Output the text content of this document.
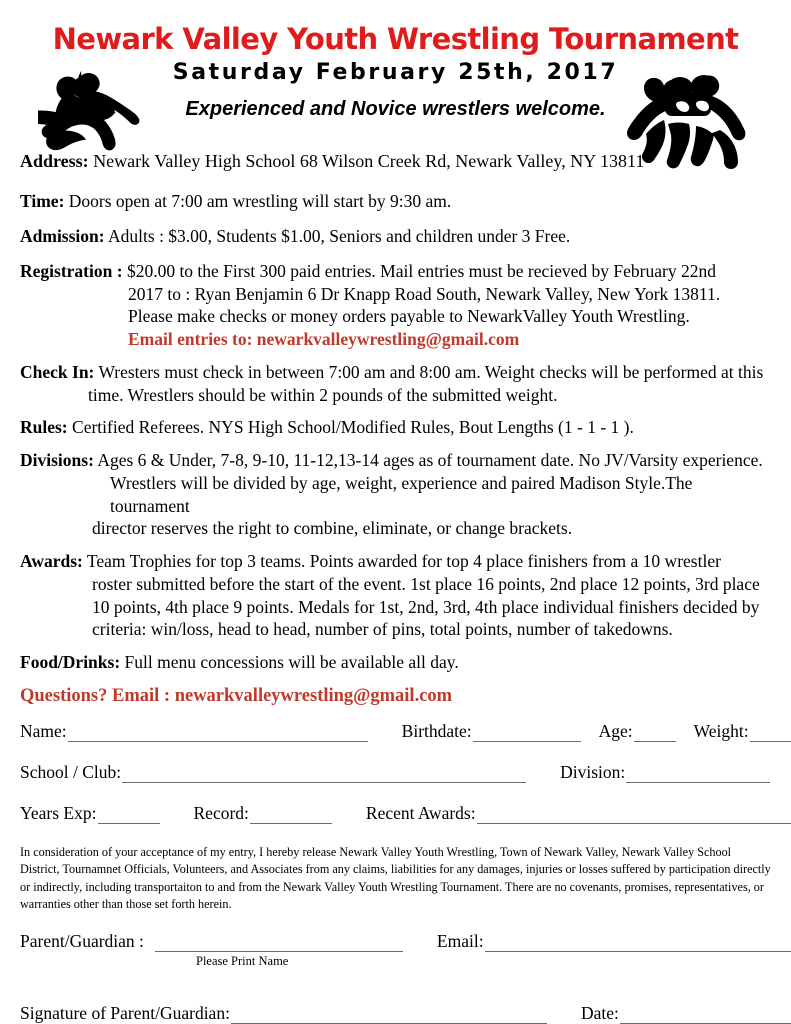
Newark Valley Youth Wrestling Tournament
Saturday February 25th, 2017
Experienced and Novice wrestlers welcome.
Address: Newark Valley High School 68 Wilson Creek Rd, Newark Valley, NY 13811
Time: Doors open at 7:00 am wrestling will start by 9:30 am.
Admission: Adults : $3.00, Students $1.00, Seniors and children under 3 Free.
Registration : $20.00 to the First 300 paid entries. Mail entries must be recieved by February 22nd
2017 to : Ryan Benjamin 6 Dr Knapp Road South, Newark Valley, New York 13811.
Please make checks or money orders payable to NewarkValley Youth Wrestling.
Email entries to: newarkvalleywrestling@gmail.com
Check In: Wresters must check in between 7:00 am and 8:00 am. Weight checks will be performed at this
time. Wrestlers should be within 2 pounds of the submitted weight.
Rules: Certified Referees. NYS High School/Modified Rules, Bout Lengths (1 - 1 - 1 ).
Divisions: Ages 6 & Under, 7-8, 9-10, 11-12,13-14 ages as of tournament date. No JV/Varsity experience.
Wrestlers will be divided by age, weight, experience and paired Madison Style.The tournament
director reserves the right to combine, eliminate, or change brackets.
Awards: Team Trophies for top 3 teams. Points awarded for top 4 place finishers from a 10 wrestler
roster submitted before the start of the event. 1st place 16 points, 2nd place 12 points, 3rd place
10 points, 4th place 9 points. Medals for 1st, 2nd, 3rd, 4th place individual finishers decided by
criteria: win/loss, head to head, number of pins, total points, number of takedowns.
Food/Drinks: Full menu concessions will be available all day.
Questions? Email : newarkvalleywrestling@gmail.com
Name:	Birthdate:	Age:	Weight:
School / Club:	Division:
Years Exp:	Record:	Recent Awards:
In consideration of your acceptance of my entry, I hereby release Newark Valley Youth Wrestling, Town of Newark Valley, Newark Valley School District, Tournamnet Officials, Volunteers, and Associates from any claims, liabilities for any damages, injuries or losses suffered by participation directly or indirectly, including transportaiton to and from the Newark Valley Youth Wrestling Tournament. There are no covenants, promises, representatives, or warranties other than those set forth herein.
Parent/Guardian :	Email:
Please Print Name
Signature of Parent/Guardian:	Date:
